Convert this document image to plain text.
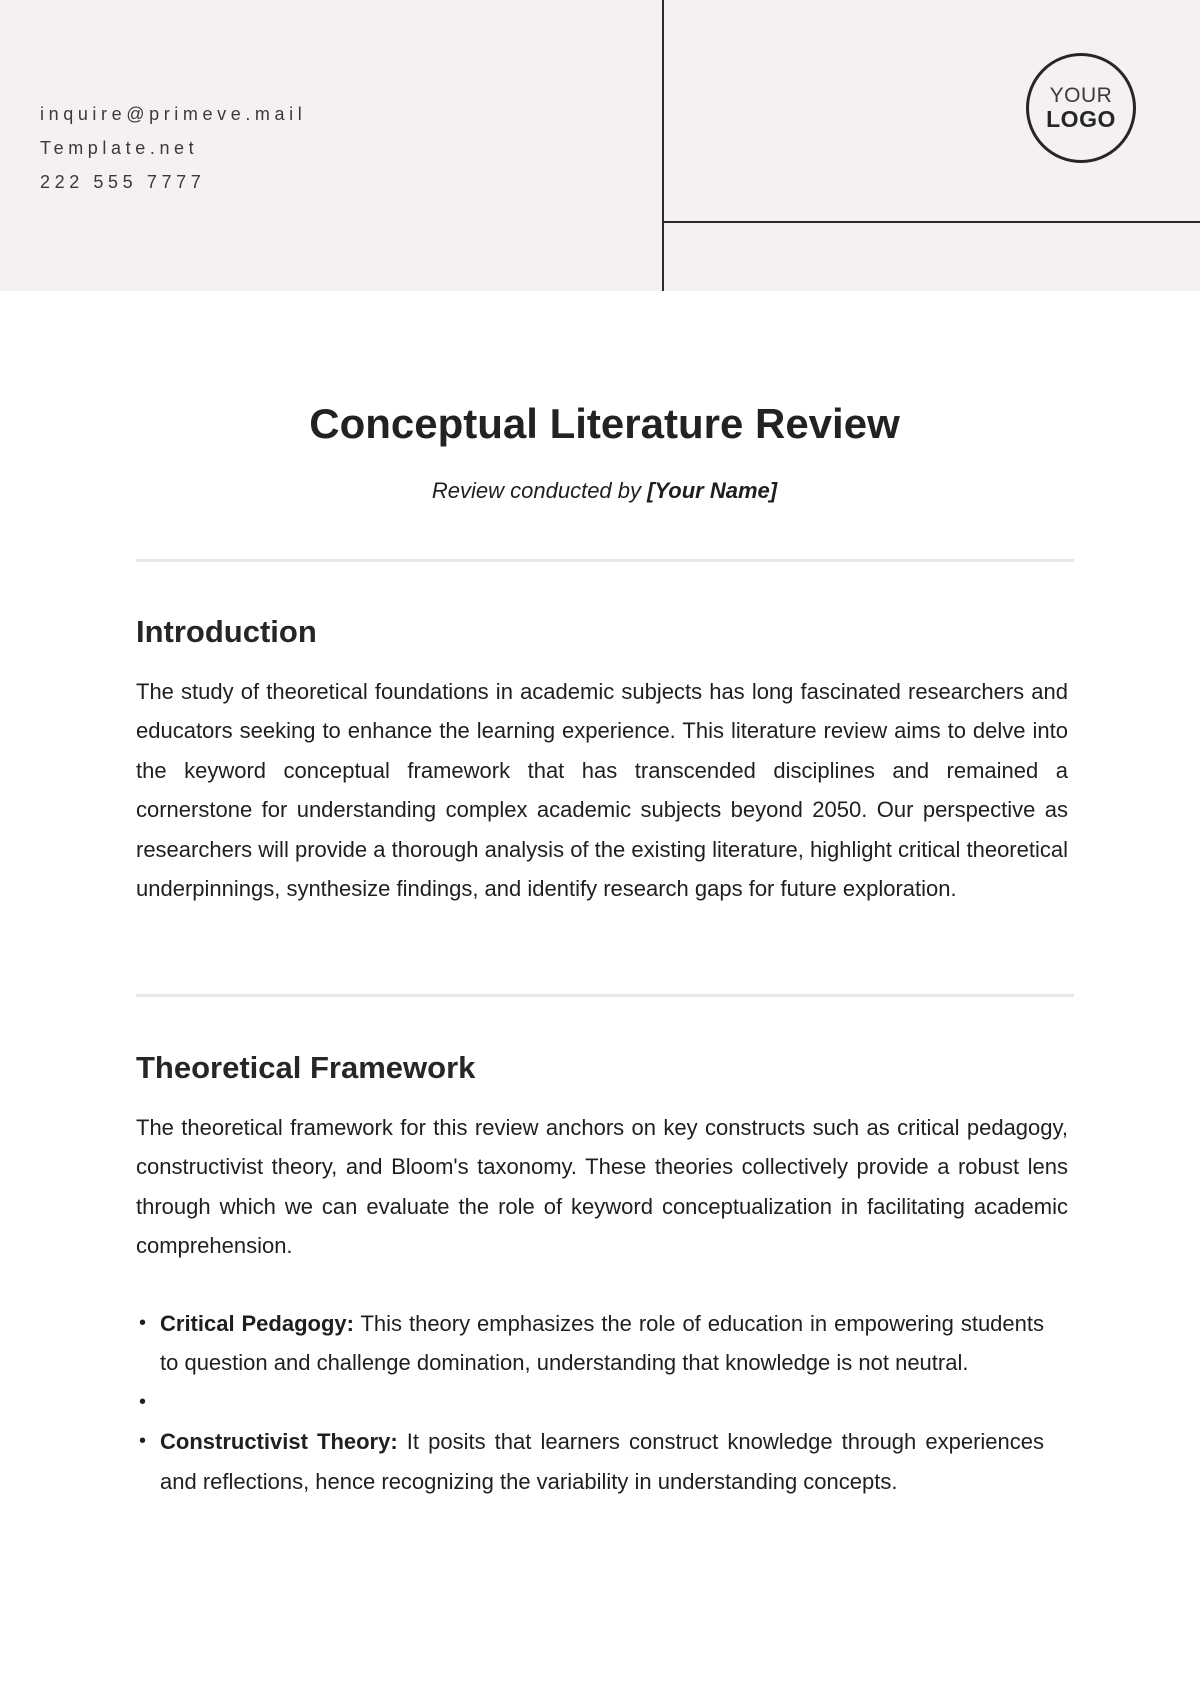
inquire@primeve.mail
Template.net
222 555 7777
YOUR
LOGO
Conceptual Literature Review
Review conducted by [Your Name]
Introduction

The study of theoretical foundations in academic subjects has long fascinated researchers and educators seeking to enhance the learning experience. This literature review aims to delve into the keyword conceptual framework that has transcended disciplines and remained a cornerstone for understanding complex academic subjects beyond 2050. Our perspective as researchers will provide a thorough analysis of the existing literature, highlight critical theoretical underpinnings, synthesize findings, and identify research gaps for future exploration.

Theoretical Framework

The theoretical framework for this review anchors on key constructs such as critical pedagogy, constructivist theory, and Bloom's taxonomy. These theories collectively provide a robust lens through which we can evaluate the role of keyword conceptualization in facilitating academic comprehension.

• Critical Pedagogy: This theory emphasizes the role of education in empowering students to question and challenge domination, understanding that knowledge is not neutral.
•
• Constructivist Theory: It posits that learners construct knowledge through experiences and reflections, hence recognizing the variability in understanding concepts.
